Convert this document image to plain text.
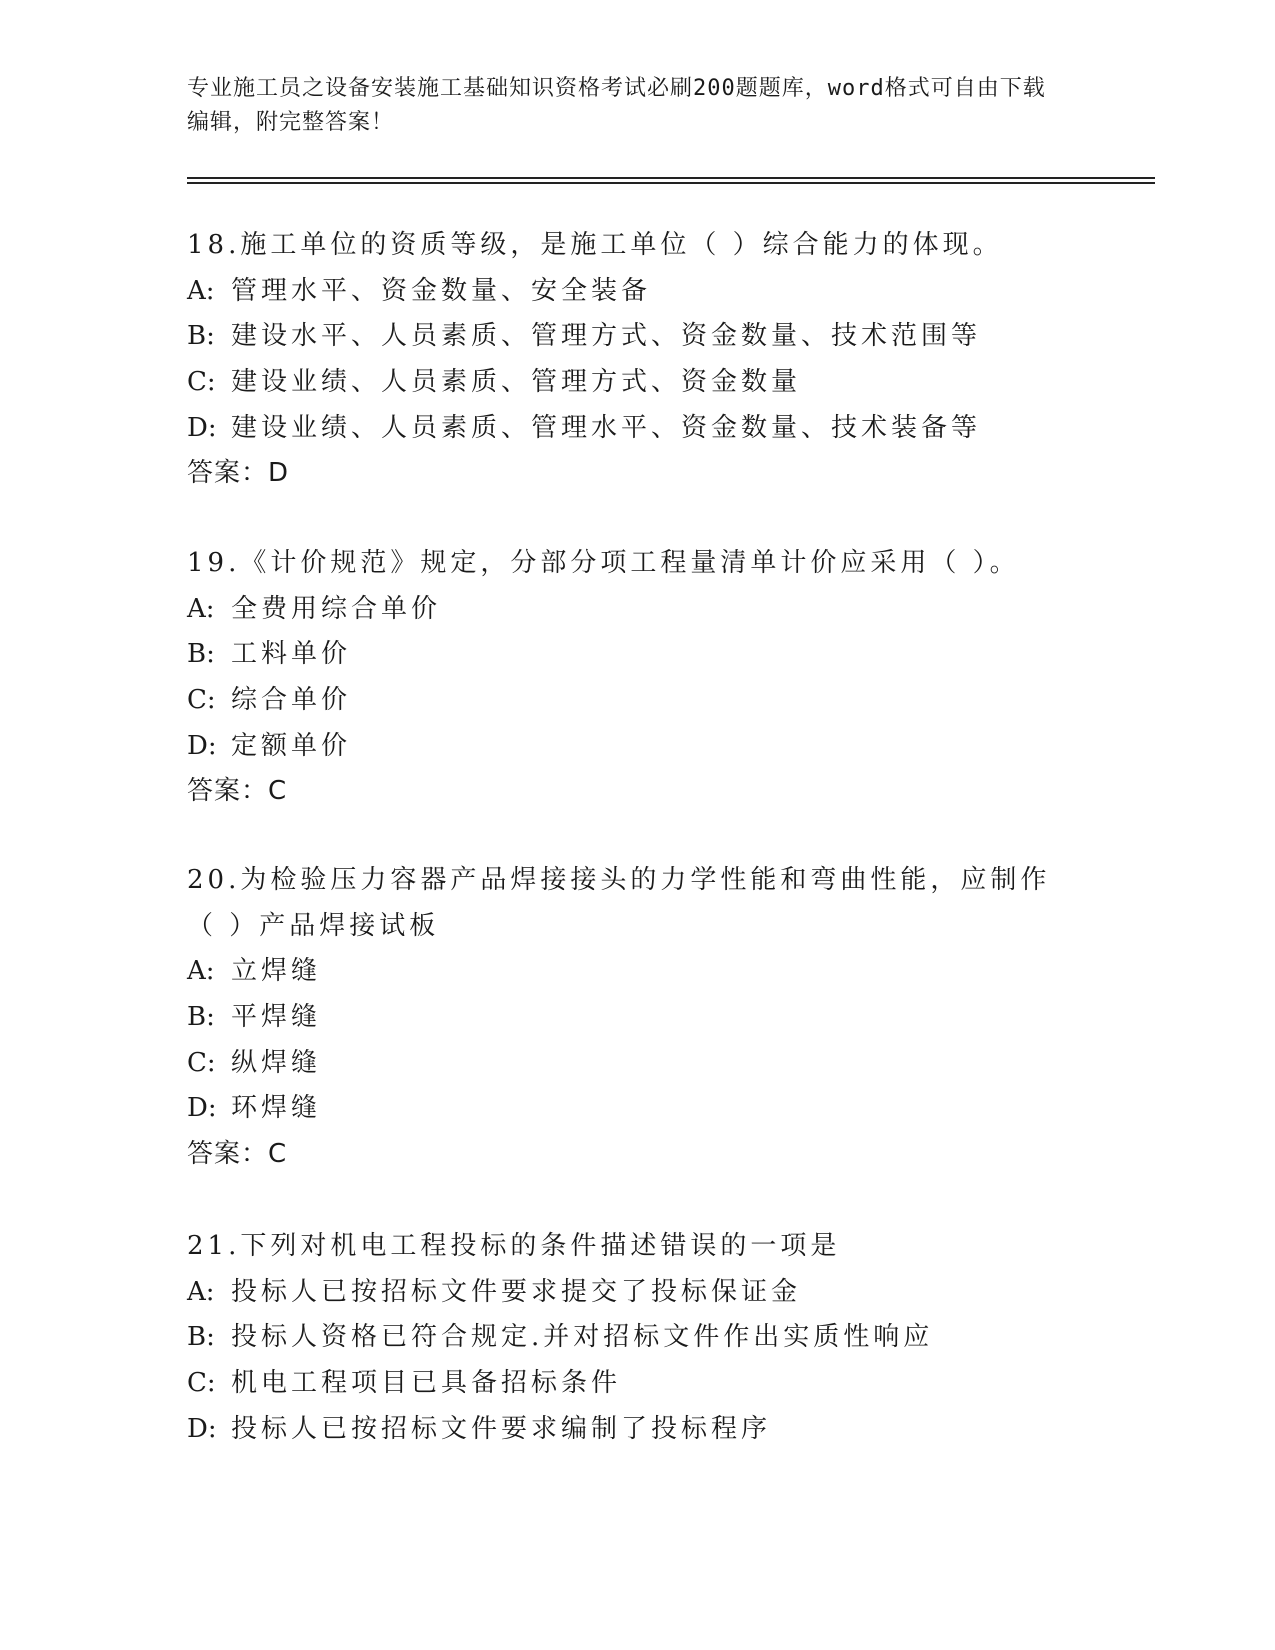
专业施工员之设备安装施工基础知识资格考试必刷200题题库，word格式可自由下载编辑，附完整答案！
18.施工单位的资质等级，是施工单位（ ）综合能力的体现。
A: 管理水平、资金数量、安全装备
B: 建设水平、人员素质、管理方式、资金数量、技术范围等
C: 建设业绩、人员素质、管理方式、资金数量
D: 建设业绩、人员素质、管理水平、资金数量、技术装备等
答案：D
19.《计价规范》规定，分部分项工程量清单计价应采用（ ）。
A: 全费用综合单价
B: 工料单价
C: 综合单价
D: 定额单价
答案：C
20.为检验压力容器产品焊接接头的力学性能和弯曲性能，应制作（ ）产品焊接试板
A: 立焊缝
B: 平焊缝
C: 纵焊缝
D: 环焊缝
答案：C
21.下列对机电工程投标的条件描述错误的一项是
A: 投标人已按招标文件要求提交了投标保证金
B: 投标人资格已符合规定.并对招标文件作出实质性响应
C: 机电工程项目已具备招标条件
D: 投标人已按招标文件要求编制了投标程序
